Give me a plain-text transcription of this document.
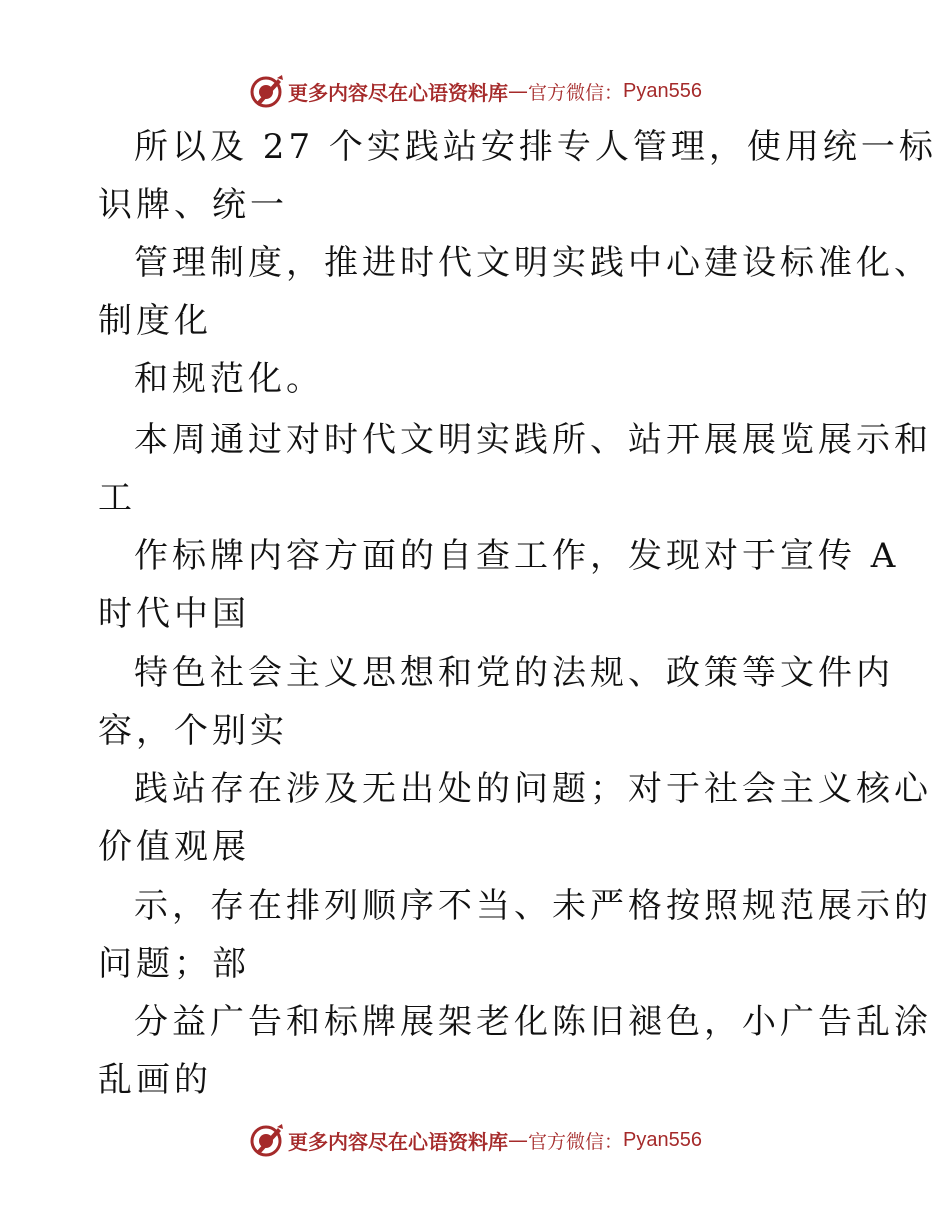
更多内容尽在心语资料库 — 官方微信： Pyan556
所以及 27 个实践站安排专人管理，使用统一标
识牌、统一
管理制度，推进时代文明实践中心建设标准化、
制度化
和规范化。
本周通过对时代文明实践所、站开展展览展示和
工
作标牌内容方面的自查工作，发现对于宣传 A
时代中国
特色社会主义思想和党的法规、政策等文件内
容，个别实
践站存在涉及无出处的问题；对于社会主义核心
价值观展
示，存在排列顺序不当、未严格按照规范展示的
问题；部
分益广告和标牌展架老化陈旧褪色，小广告乱涂
乱画的
更多内容尽在心语资料库 — 官方微信： Pyan556
